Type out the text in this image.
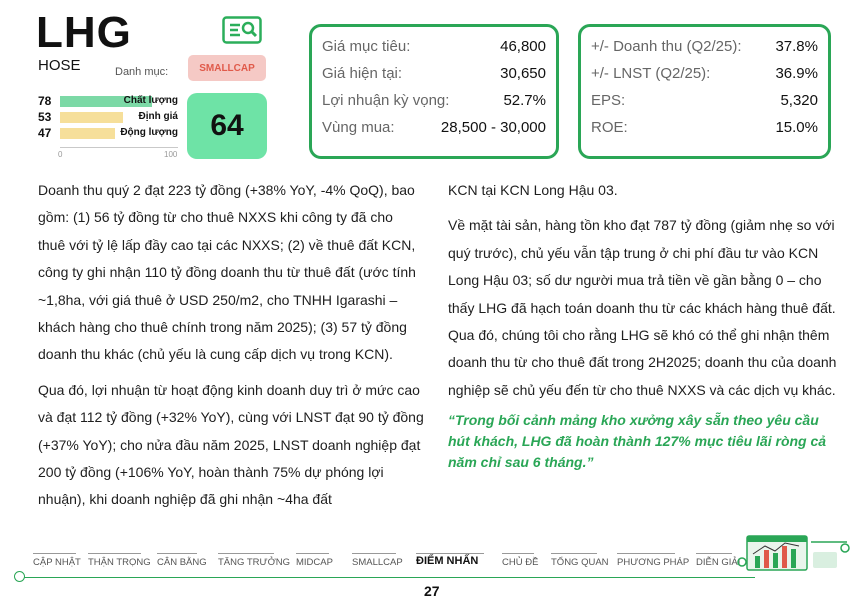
LHG
HOSE	Danh mục:	SMALLCAP
78	Chất lượng
53	Định giá
47	Động lượng
0	100
64
Giá mục tiêu:	46,800
Giá hiện tại:	30,650
Lợi nhuận kỳ vọng:	52.7%
Vùng mua:	28,500 - 30,000
+/- Doanh thu (Q2/25): 37.8%
+/- LNST (Q2/25):	36.9%
EPS:	5,320
ROE:	15.0%

Doanh thu quý 2 đạt 223 tỷ đồng (+38% YoY, -4% QoQ), bao gồm: (1) 56 tỷ đồng từ cho thuê NXXS khi công ty đã cho thuê với tỷ lệ lấp đầy cao tại các NXXS; (2) về thuê đất KCN, công ty ghi nhận 110 tỷ đồng doanh thu từ thuê đất (ước tính ~1,8ha, với giá thuê ở USD 250/m2, cho TNHH Igarashi – khách hàng cho thuê chính trong năm 2025); (3) 57 tỷ đồng doanh thu khác (chủ yếu là cung cấp dịch vụ trong KCN).

Qua đó, lợi nhuận từ hoạt động kinh doanh duy trì ở mức cao và đạt 112 tỷ đồng (+32% YoY), cùng với LNST đạt 90 tỷ đồng (+37% YoY); cho nửa đầu năm 2025, LNST doanh nghiệp đạt 200 tỷ đồng (+106% YoY, hoàn thành 75% dự phóng lợi nhuận), khi doanh nghiệp đã ghi nhận ~4ha đất

KCN tại KCN Long Hậu 03.

Về mặt tài sản, hàng tồn kho đạt 787 tỷ đồng (giảm nhẹ so với quý trước), chủ yếu vẫn tập trung ở chi phí đầu tư vào KCN Long Hậu 03; số dư người mua trả tiền về gần bằng 0 – cho thấy LHG đã hạch toán doanh thu từ các khách hàng thuê đất. Qua đó, chúng tôi cho rằng LHG sẽ khó có thể ghi nhận thêm doanh thu từ cho thuê đất trong 2H2025; doanh thu của doanh nghiệp sẽ chủ yếu đến từ cho thuê NXXS và các dịch vụ khác.

“Trong bối cảnh mảng kho xưởng xây sẵn theo yêu cầu hút khách, LHG đã hoàn thành 127% mục tiêu lãi ròng cả năm chỉ sau 6 tháng.”

CẬP NHẬT THẬN TRỌNG CÂN BẰNG TĂNG TRƯỞNG MIDCAP SMALLCAP ĐIỂM NHẤN CHỦ ĐỀ TỔNG QUAN PHƯƠNG PHÁP DIỄN GIẢI
27
